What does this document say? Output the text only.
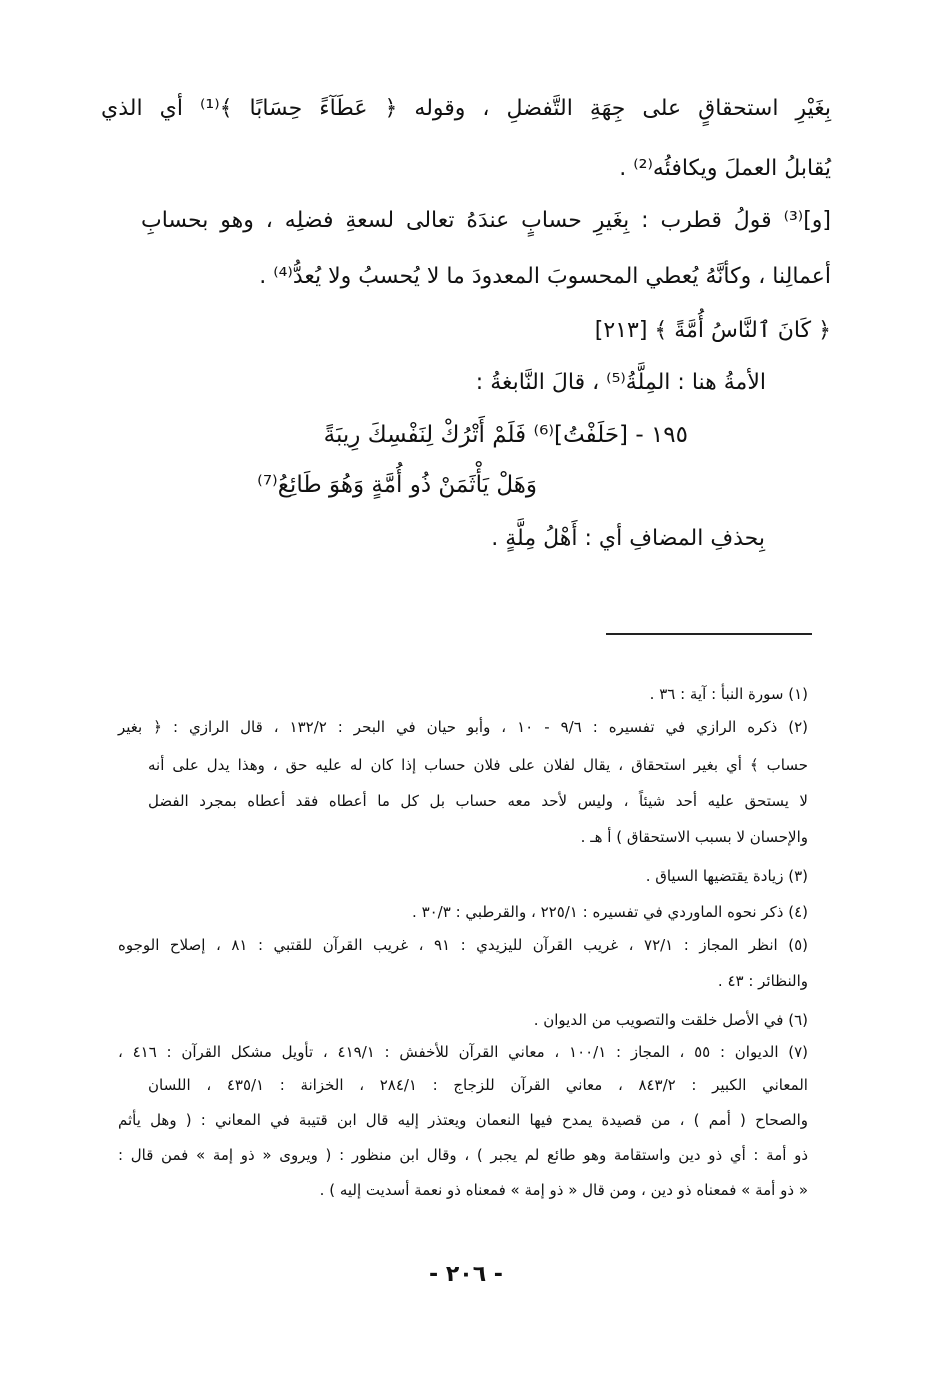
بِغَيْرِ استحقاقٍ على جِهَةِ التَّفضلِ ، وقوله ﴿ عَطَآءً حِسَابًا ﴾⁽¹⁾ أي الذي
يُقابلُ العملَ ويكافئُه⁽²⁾ .
[و]⁽³⁾ قولُ قطرب : بِغَيرِ حسابٍ عندَهُ تعالى لسعةِ فضلِه ، وهو بحسابِ
أعمالِنا ، وكأنَّهُ يُعطي المحسوبَ المعدودَ ما لا يُحسبُ ولا يُعدُّ⁽⁴⁾ .
﴿ كَانَ ٱلنَّاسُ أُمَّةً ﴾ [٢١٣]
الأمةُ هنا : المِلَّةُ⁽⁵⁾ ، قالَ النَّابغةُ :
١٩٥ - [حَلَفْتُ]⁽⁶⁾ فَلَمْ أَتْرُكْ لِنَفْسِكَ رِيبَةً
وَهَلْ يَأْثَمَنْ ذُو أُمَّةٍ وَهُوَ طَائِعُ⁽⁷⁾
بِحذفِ المضافِ أي : أَهْلُ مِلَّةٍ .
(١) سورة النبأ : آية : ٣٦ .
(٢) ذكره الرازي في تفسيره : ٩/٦ - ١٠ ، وأبو حيان في البحر : ١٣٢/٢ ، قال الرازي : ﴿ بغير
حساب ﴾ أي بغير استحقاق ، يقال لفلان على فلان حساب إذا كان له عليه حق ، وهذا يدل على أنه
لا يستحق عليه أحد شيئاً ، وليس لأحد معه حساب بل كل ما أعطاه فقد أعطاه بمجرد الفضل
والإحسان لا بسبب الاستحقاق ) أ هـ .
(٣) زيادة يقتضيها السياق .
(٤) ذكر نحوه الماوردي في تفسيره : ٢٢٥/١ ، والقرطبي : ٣٠/٣ .
(٥) انظر المجاز : ٧٢/١ ، غريب القرآن لليزيدي : ٩١ ، غريب القرآن للقتبي : ٨١ ، إصلاح الوجوه
والنظائر : ٤٣ .
(٦) في الأصل خلقت والتصويب من الديوان .
(٧) الديوان : ٥٥ ، المجاز : ١٠٠/١ ، معاني القرآن للأخفش : ٤١٩/١ ، تأويل مشكل القرآن : ٤١٦ ،
المعاني الكبير : ٨٤٣/٢ ، معاني القرآن للزجاج : ٢٨٤/١ ، الخزانة : ٤٣٥/١ ، اللسان
والصحاح ( أمم ) ، من قصيدة يمدح فيها النعمان ويعتذر إليه قال ابن قتيبة في المعاني : ( وهل يأثم
ذو أمة : أي ذو دين واستقامة وهو طائع لم يجبر ) ، وقال ابن منظور : ( ويروى « ذو إمة » فمن قال :
« ذو أمة » فمعناه ذو دين ، ومن قال « ذو إمة » فمعناه ذو نعمة أسديت إليه ) .
- ٢٠٦ -
